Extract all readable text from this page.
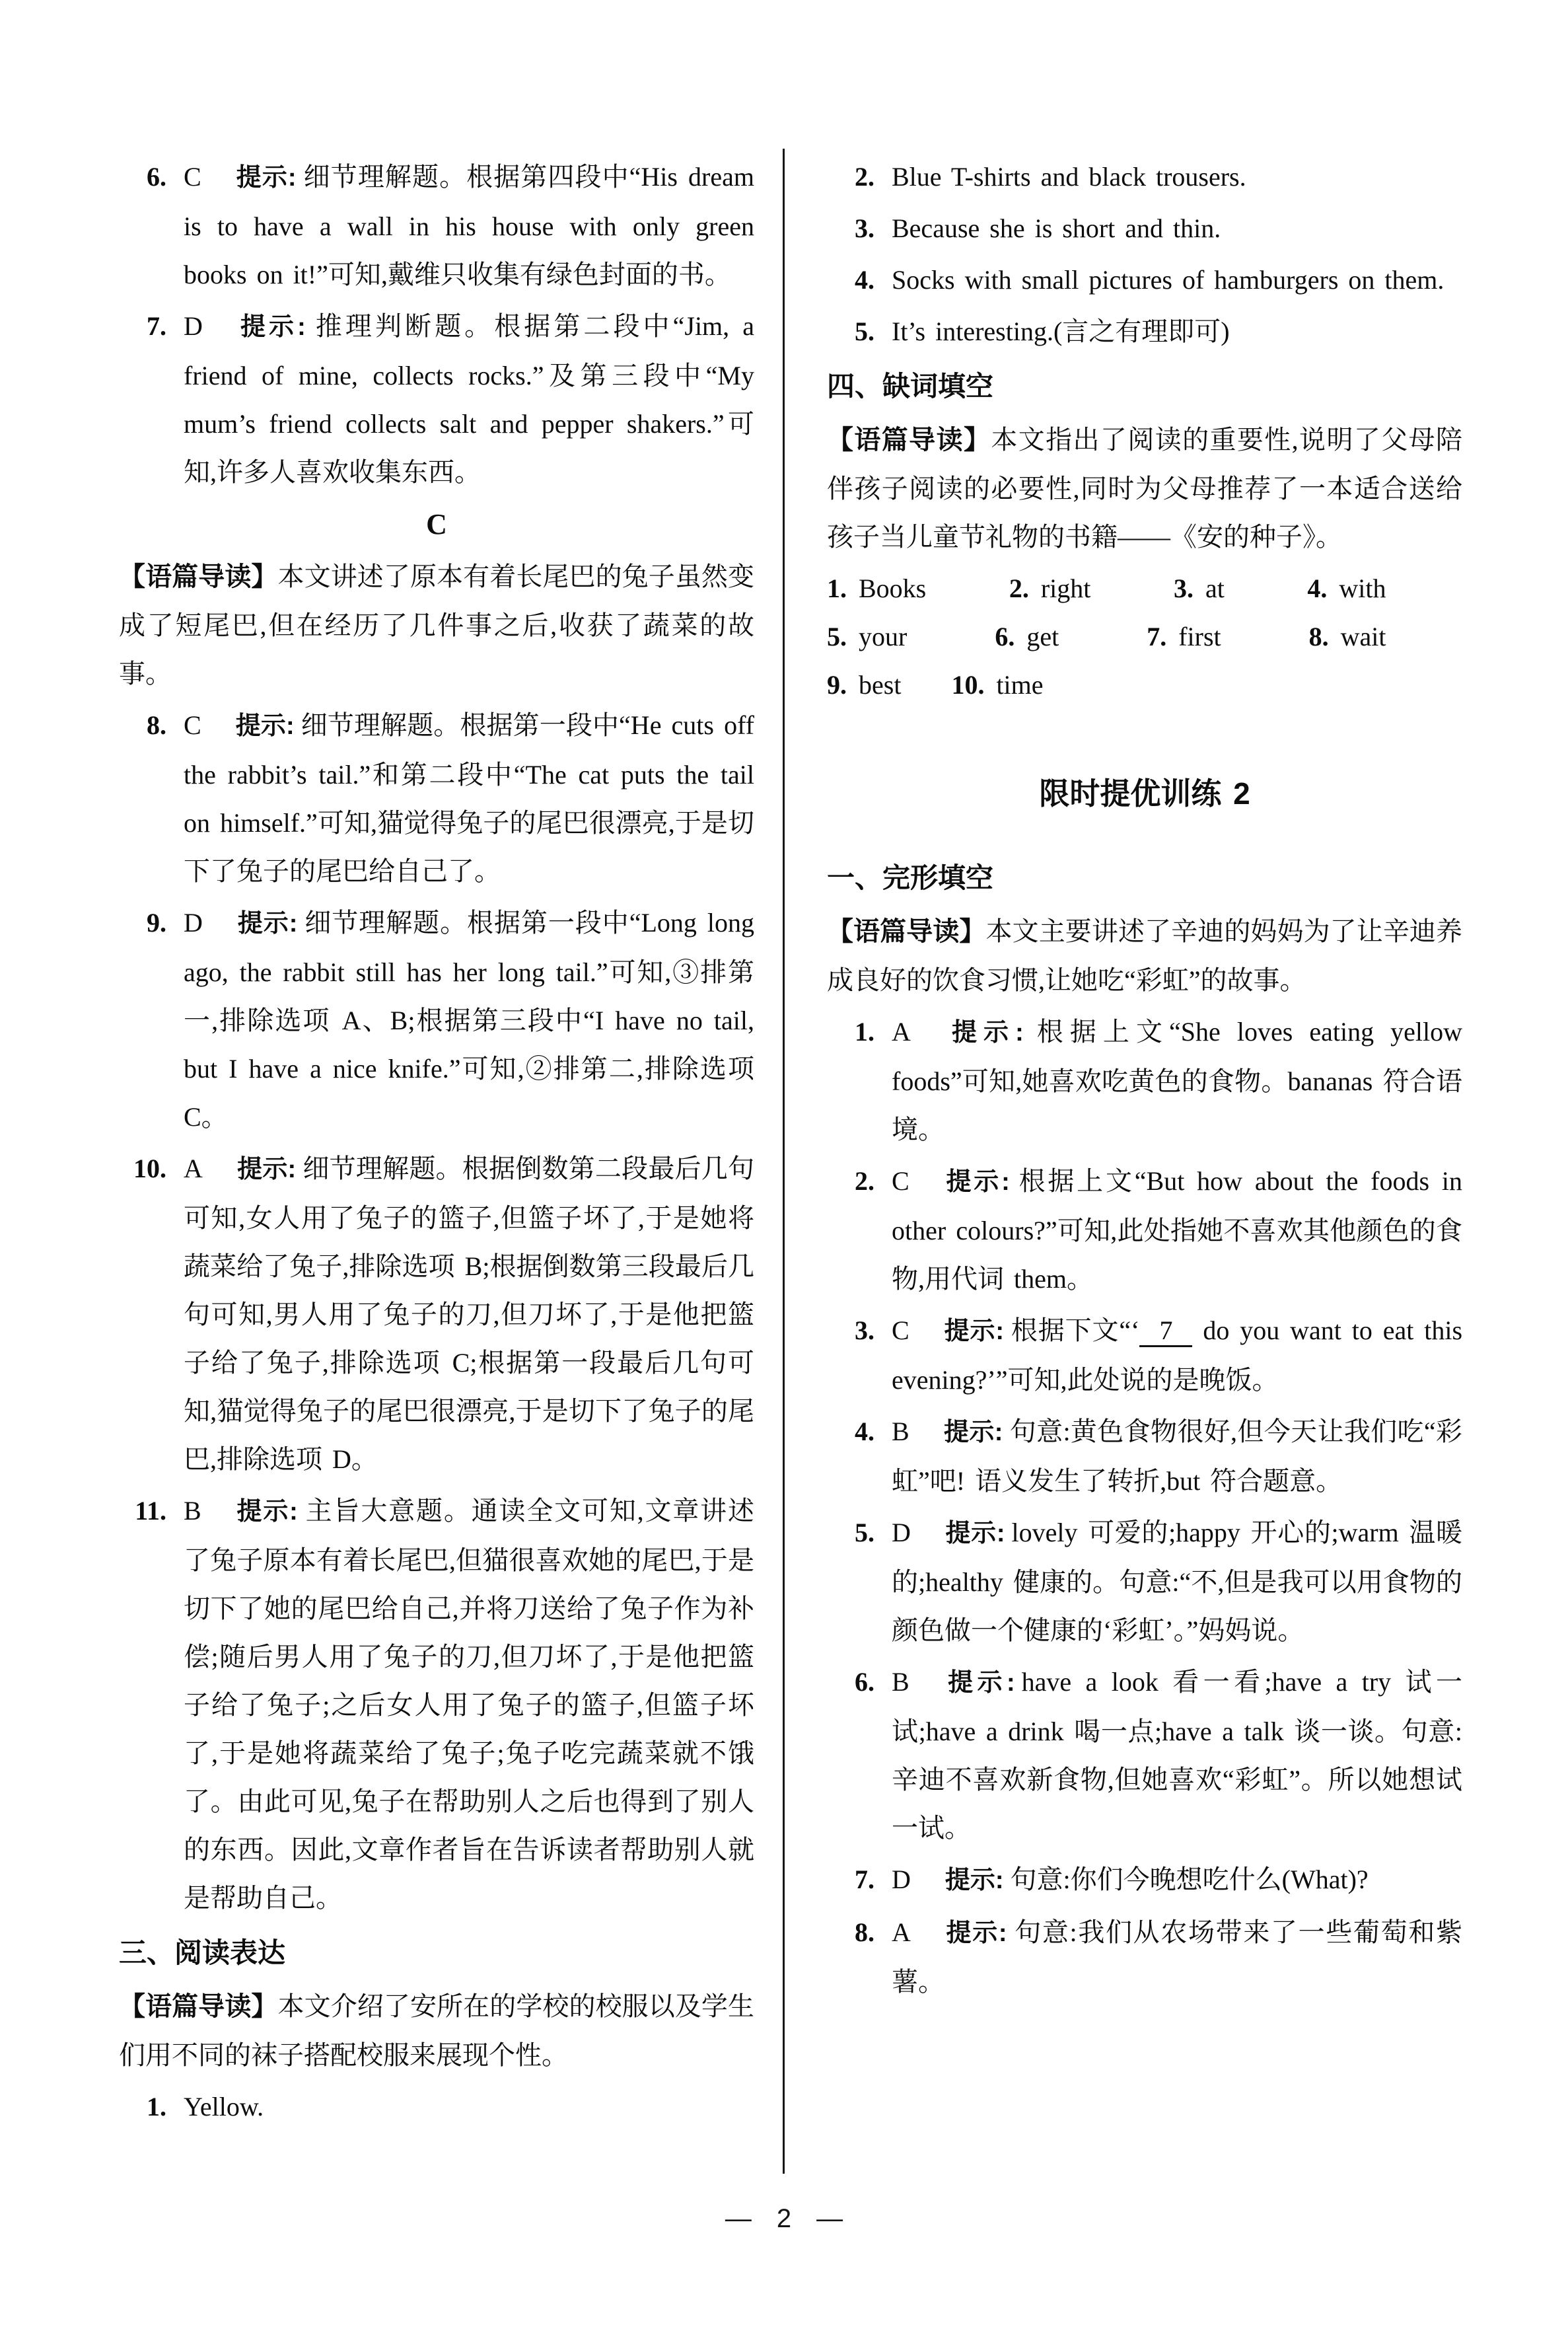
6. C 提示: 细节理解题。根据第四段中“His dream is to have a wall in his house with only green books on it!”可知,戴维只收集有绿色封面的书。
7. D 提示: 推理判断题。根据第二段中“Jim, a friend of mine, collects rocks.”及第三段中“My mum’s friend collects salt and pepper shakers.”可知,许多人喜欢收集东西。
C

【语篇导读】本文讲述了原本有着长尾巴的兔子虽然变成了短尾巴,但在经历了几件事之后,收获了蔬菜的故事。

8. C 提示: 细节理解题。根据第一段中“He cuts off the rabbit’s tail.”和第二段中“The cat puts the tail on himself.”可知,猫觉得兔子的尾巴很漂亮,于是切下了兔子的尾巴给自己了。
9. D 提示: 细节理解题。根据第一段中“Long long ago, the rabbit still has her long tail.”可知,③排第一,排除选项 A、B;根据第三段中“I have no tail, but I have a nice knife.”可知,②排第二,排除选项 C。
10. A 提示: 细节理解题。根据倒数第二段最后几句可知,女人用了兔子的篮子,但篮子坏了,于是她将蔬菜给了兔子,排除选项 B;根据倒数第三段最后几句可知,男人用了兔子的刀,但刀坏了,于是他把篮子给了兔子,排除选项 C;根据第一段最后几句可知,猫觉得兔子的尾巴很漂亮,于是切下了兔子的尾巴,排除选项 D。
11. B 提示: 主旨大意题。通读全文可知,文章讲述了兔子原本有着长尾巴,但猫很喜欢她的尾巴,于是切下了她的尾巴给自己,并将刀送给了兔子作为补偿;随后男人用了兔子的刀,但刀坏了,于是他把篮子给了兔子;之后女人用了兔子的篮子,但篮子坏了,于是她将蔬菜给了兔子;兔子吃完蔬菜就不饿了。由此可见,兔子在帮助别人之后也得到了别人的东西。因此,文章作者旨在告诉读者帮助别人就是帮助自己。
三、阅读表达

【语篇导读】本文介绍了安所在的学校的校服以及学生们用不同的袜子搭配校服来展现个性。

1. Yellow.
2. Blue T-shirts and black trousers.
3. Because she is short and thin.
4. Socks with small pictures of hamburgers on them.
5. It’s interesting.(言之有理即可)
四、缺词填空

【语篇导读】本文指出了阅读的重要性,说明了父母陪伴孩子阅读的必要性,同时为父母推荐了一本适合送给孩子当儿童节礼物的书籍——《安的种子》。

1. Books	2. right	3. at	4. with
5. your	6. get	7. first	8. wait
9. best 10. time
限时提优训练 2
一、完形填空

【语篇导读】本文主要讲述了辛迪的妈妈为了让辛迪养成良好的饮食习惯,让她吃“彩虹”的故事。

1. A 提示: 根据上文“She loves eating yellow foods”可知,她喜欢吃黄色的食物。bananas 符合语境。
2. C 提示: 根据上文“But how about the foods in other colours?”可知,此处指她不喜欢其他颜色的食物,用代词 them。
3. C 提示: 根据下文“‘ 7 do you want to eat this evening?’”可知,此处说的是晚饭。
4. B 提示: 句意:黄色食物很好,但今天让我们吃“彩虹”吧! 语义发生了转折,but 符合题意。
5. D 提示: lovely 可爱的;happy 开心的;warm 温暖的;healthy 健康的。句意:“不,但是我可以用食物的颜色做一个健康的‘彩虹’。”妈妈说。
6. B 提示: have a look 看一看;have a try 试一试;have a drink 喝一点;have a talk 谈一谈。句意:辛迪不喜欢新食物,但她喜欢“彩虹”。所以她想试一试。
7. D 提示: 句意:你们今晚想吃什么(What)?
8. A 提示: 句意:我们从农场带来了一些葡萄和紫薯。
— 2 —
